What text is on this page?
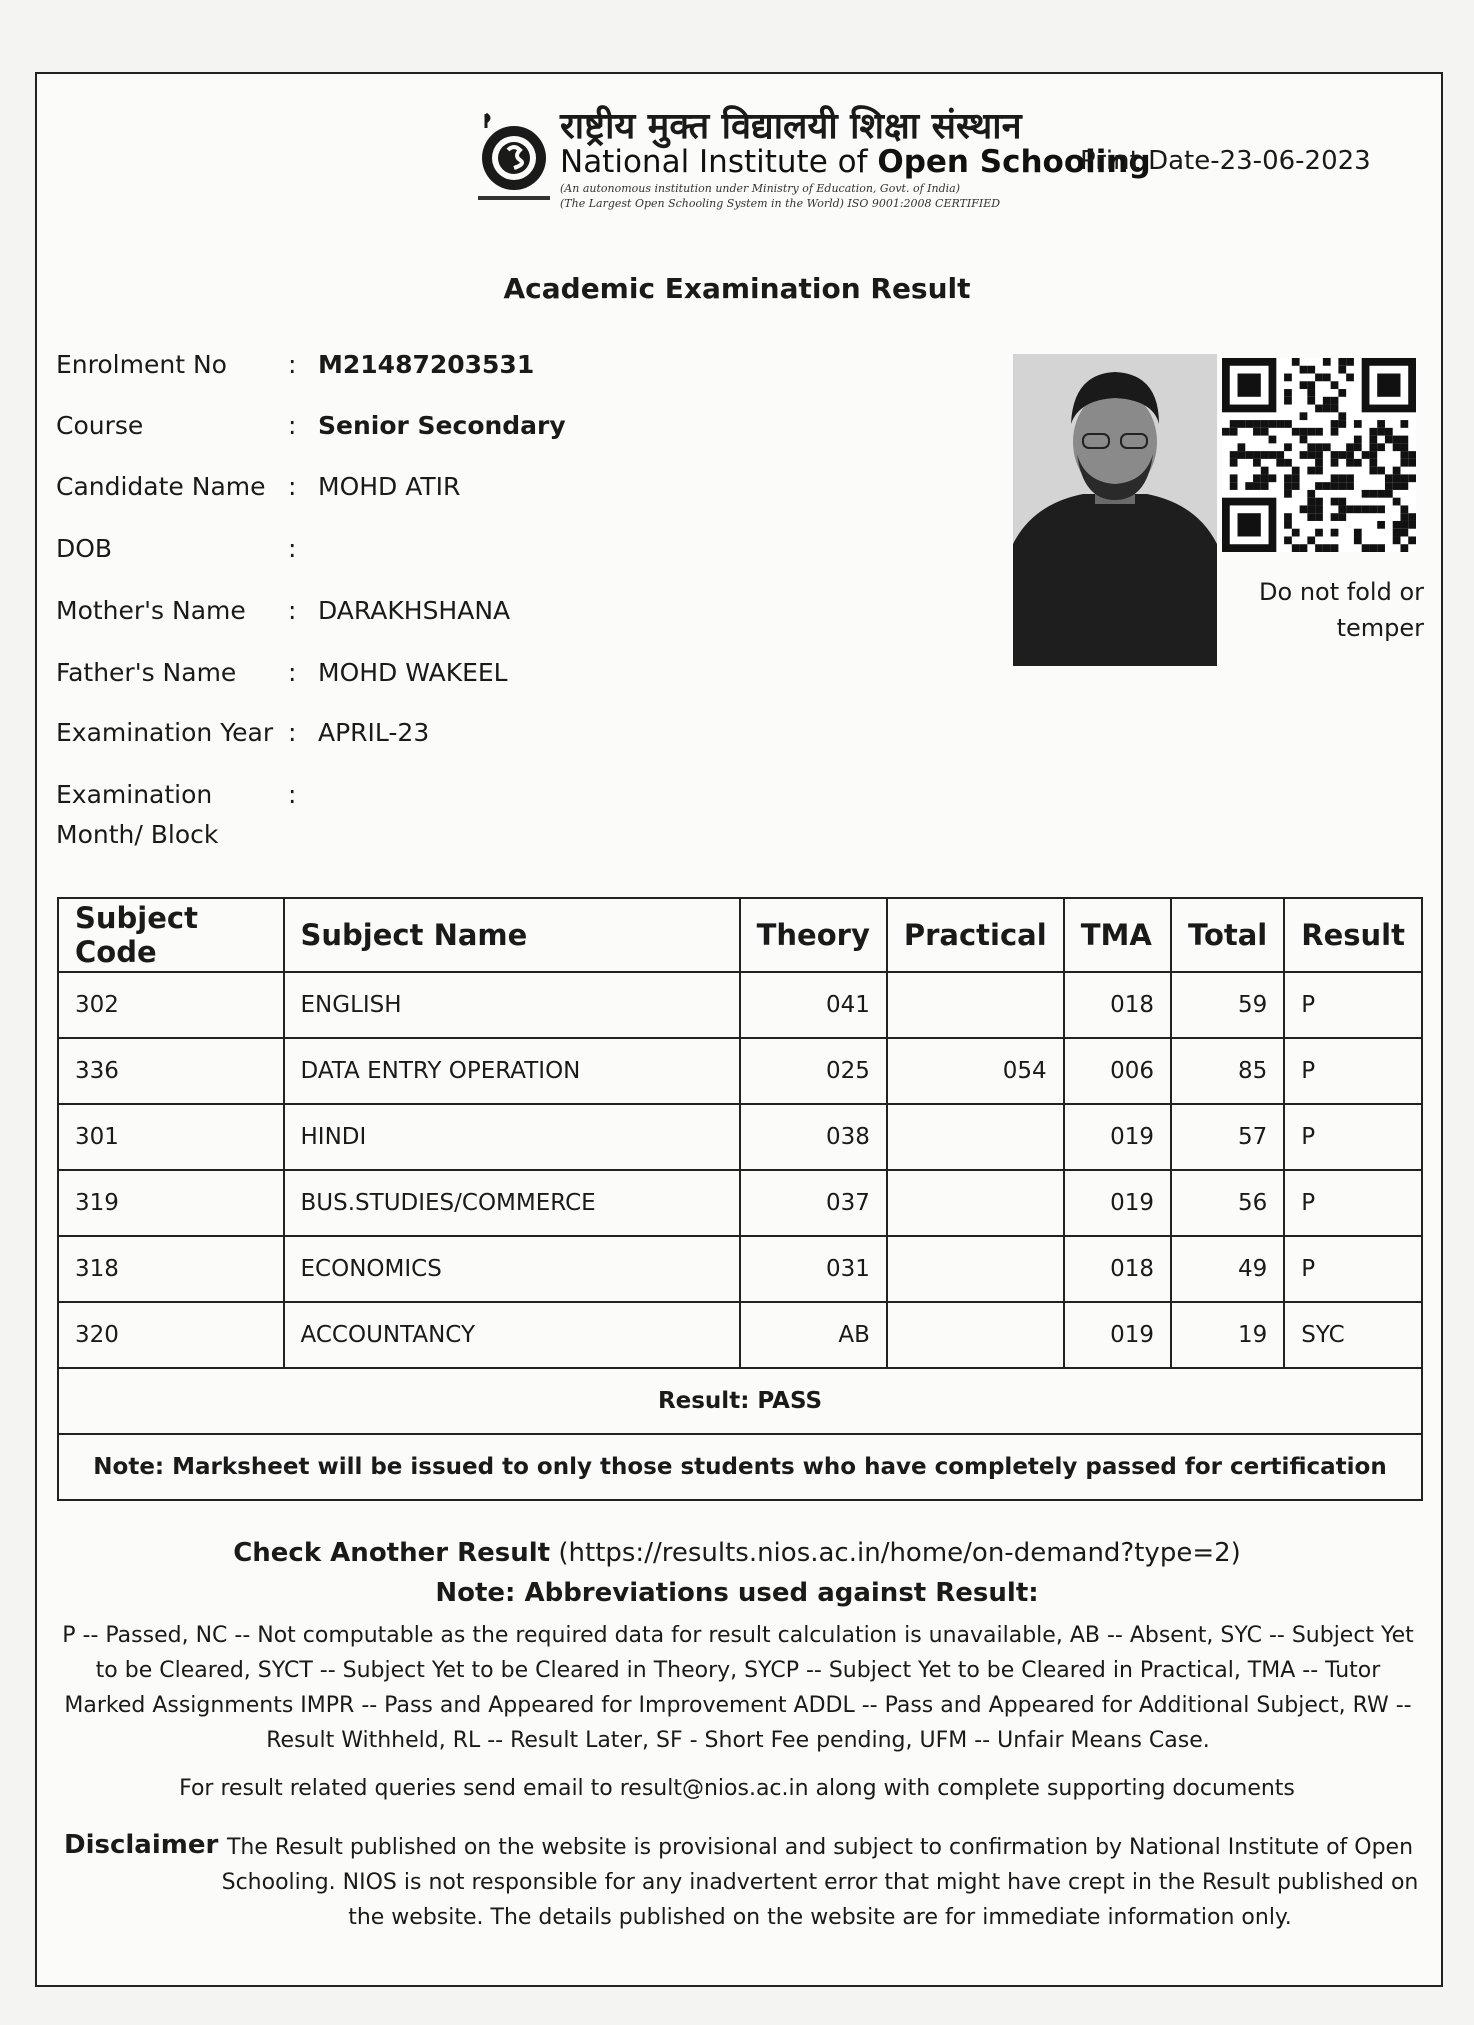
राष्ट्रीय मुक्त विद्यालयी शिक्षा संस्थान
National Institute of Open Schooling
(An autonomous institution under Ministry of Education, Govt. of India)
(The Largest Open Schooling System in the World) ISO 9001:2008 CERTIFIED
Print Date-23-06-2023
Academic Examination Result
Enrolment No : M21487203531
Course	: Senior Secondary
Candidate Name : MOHD ATIR
DOB	:
Mother's Name : DARAKHSHANA
Father's Name : MOHD WAKEEL
Examination Year : APRIL-23
Examination
Month/ Block
:
Do not fold or temper
Subject Code	Subject Name	Theory	Practical	TMA	Total	Result
302	ENGLISH	041		018	59	P
336	DATA ENTRY OPERATION	025	054	006	85	P
301	HINDI	038		019	57	P
319	BUS.STUDIES/COMMERCE	037		019	56	P
318	ECONOMICS	031		018	49	P
320	ACCOUNTANCY	AB		019	19	SYC
Result: PASS						
Note: Marksheet will be issued to only those students who have completely passed for certification						
Check Another Result (https://results.nios.ac.in/home/on-demand?type=2)
Note: Abbreviations used against Result:
P -- Passed, NC -- Not computable as the required data for result calculation is unavailable, AB -- Absent, SYC -- Subject Yet to be Cleared, SYCT -- Subject Yet to be Cleared in Theory, SYCP -- Subject Yet to be Cleared in Practical, TMA -- Tutor Marked Assignments IMPR -- Pass and Appeared for Improvement ADDL -- Pass and Appeared for Additional Subject, RW -- Result Withheld, RL -- Result Later, SF - Short Fee pending, UFM -- Unfair Means Case.
For result related queries send email to result@nios.ac.in along with complete supporting documents
Disclaimer The Result published on the website is provisional and subject to confirmation by National Institute of Open Schooling. NIOS is not responsible for any inadvertent error that might have crept in the Result published on the website. The details published on the website are for immediate information only.
